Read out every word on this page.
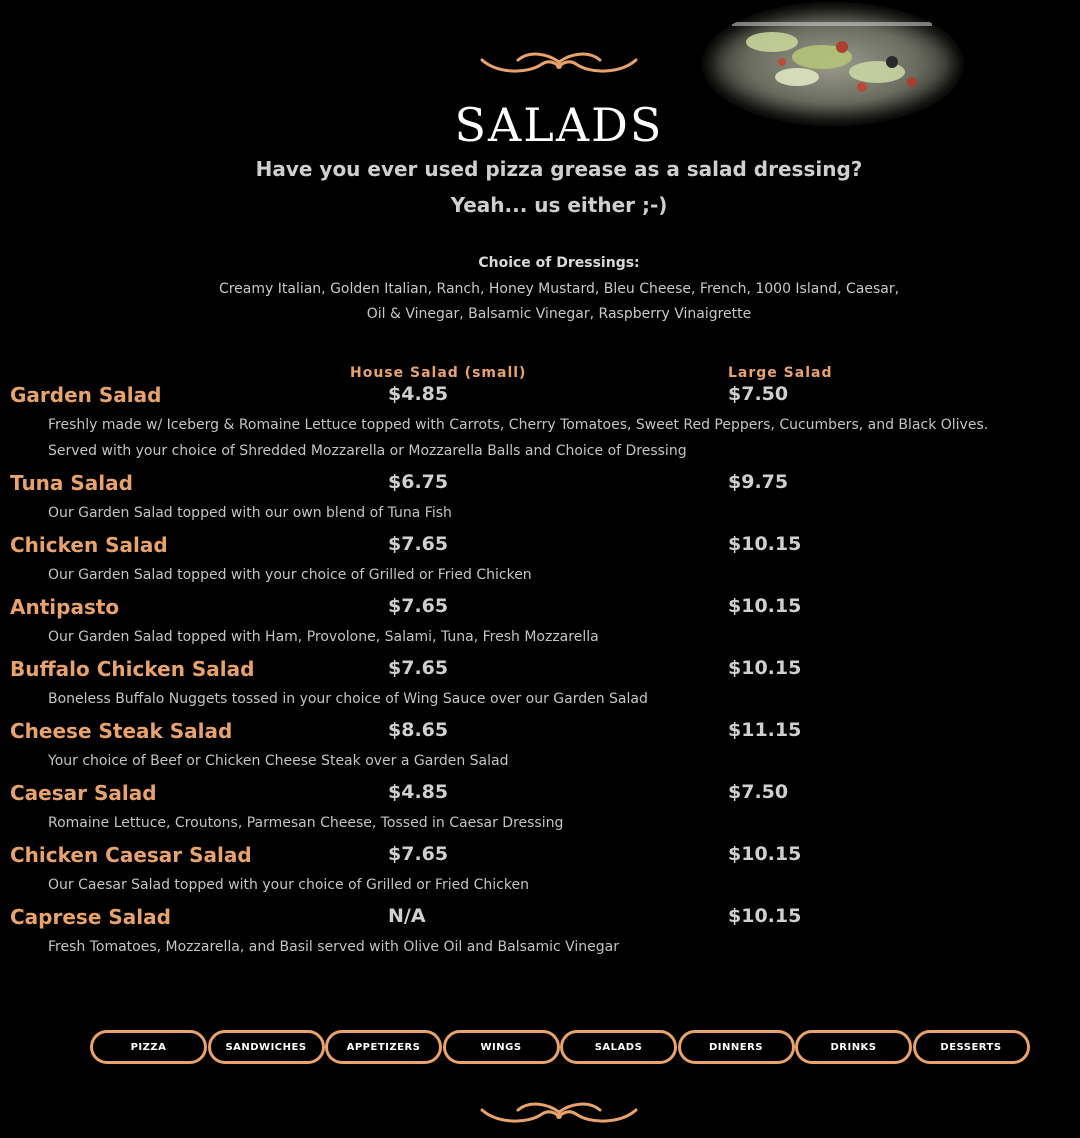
SALADS
Have you ever used pizza grease as a salad dressing?
Yeah... us either ;-)
Choice of Dressings:
Creamy Italian, Golden Italian, Ranch, Honey Mustard, Bleu Cheese, French, 1000 Island, Caesar,
Oil & Vinegar, Balsamic Vinegar, Raspberry Vinaigrette
House Salad (small)	Large Salad
Garden Salad	$4.85	$7.50
Freshly made w/ Iceberg & Romaine Lettuce topped with Carrots, Cherry Tomatoes, Sweet Red Peppers, Cucumbers, and Black Olives.
Served with your choice of Shredded Mozzarella or Mozzarella Balls and Choice of Dressing
Tuna Salad	$6.75	$9.75
Our Garden Salad topped with our own blend of Tuna Fish
Chicken Salad	$7.65	$10.15
Our Garden Salad topped with your choice of Grilled or Fried Chicken
Antipasto	$7.65	$10.15
Our Garden Salad topped with Ham, Provolone, Salami, Tuna, Fresh Mozzarella
Buffalo Chicken Salad	$7.65	$10.15
Boneless Buffalo Nuggets tossed in your choice of Wing Sauce over our Garden Salad
Cheese Steak Salad	$8.65	$11.15
Your choice of Beef or Chicken Cheese Steak over a Garden Salad
Caesar Salad	$4.85	$7.50
Romaine Lettuce, Croutons, Parmesan Cheese, Tossed in Caesar Dressing
Chicken Caesar Salad	$7.65	$10.15
Our Caesar Salad topped with your choice of Grilled or Fried Chicken
Caprese Salad	N/A	$10.15
Fresh Tomatoes, Mozzarella, and Basil served with Olive Oil and Balsamic Vinegar
PIZZA	SANDWICHES	APPETIZERS	WINGS	SALADS	DINNERS	DRINKS	DESSERTS
